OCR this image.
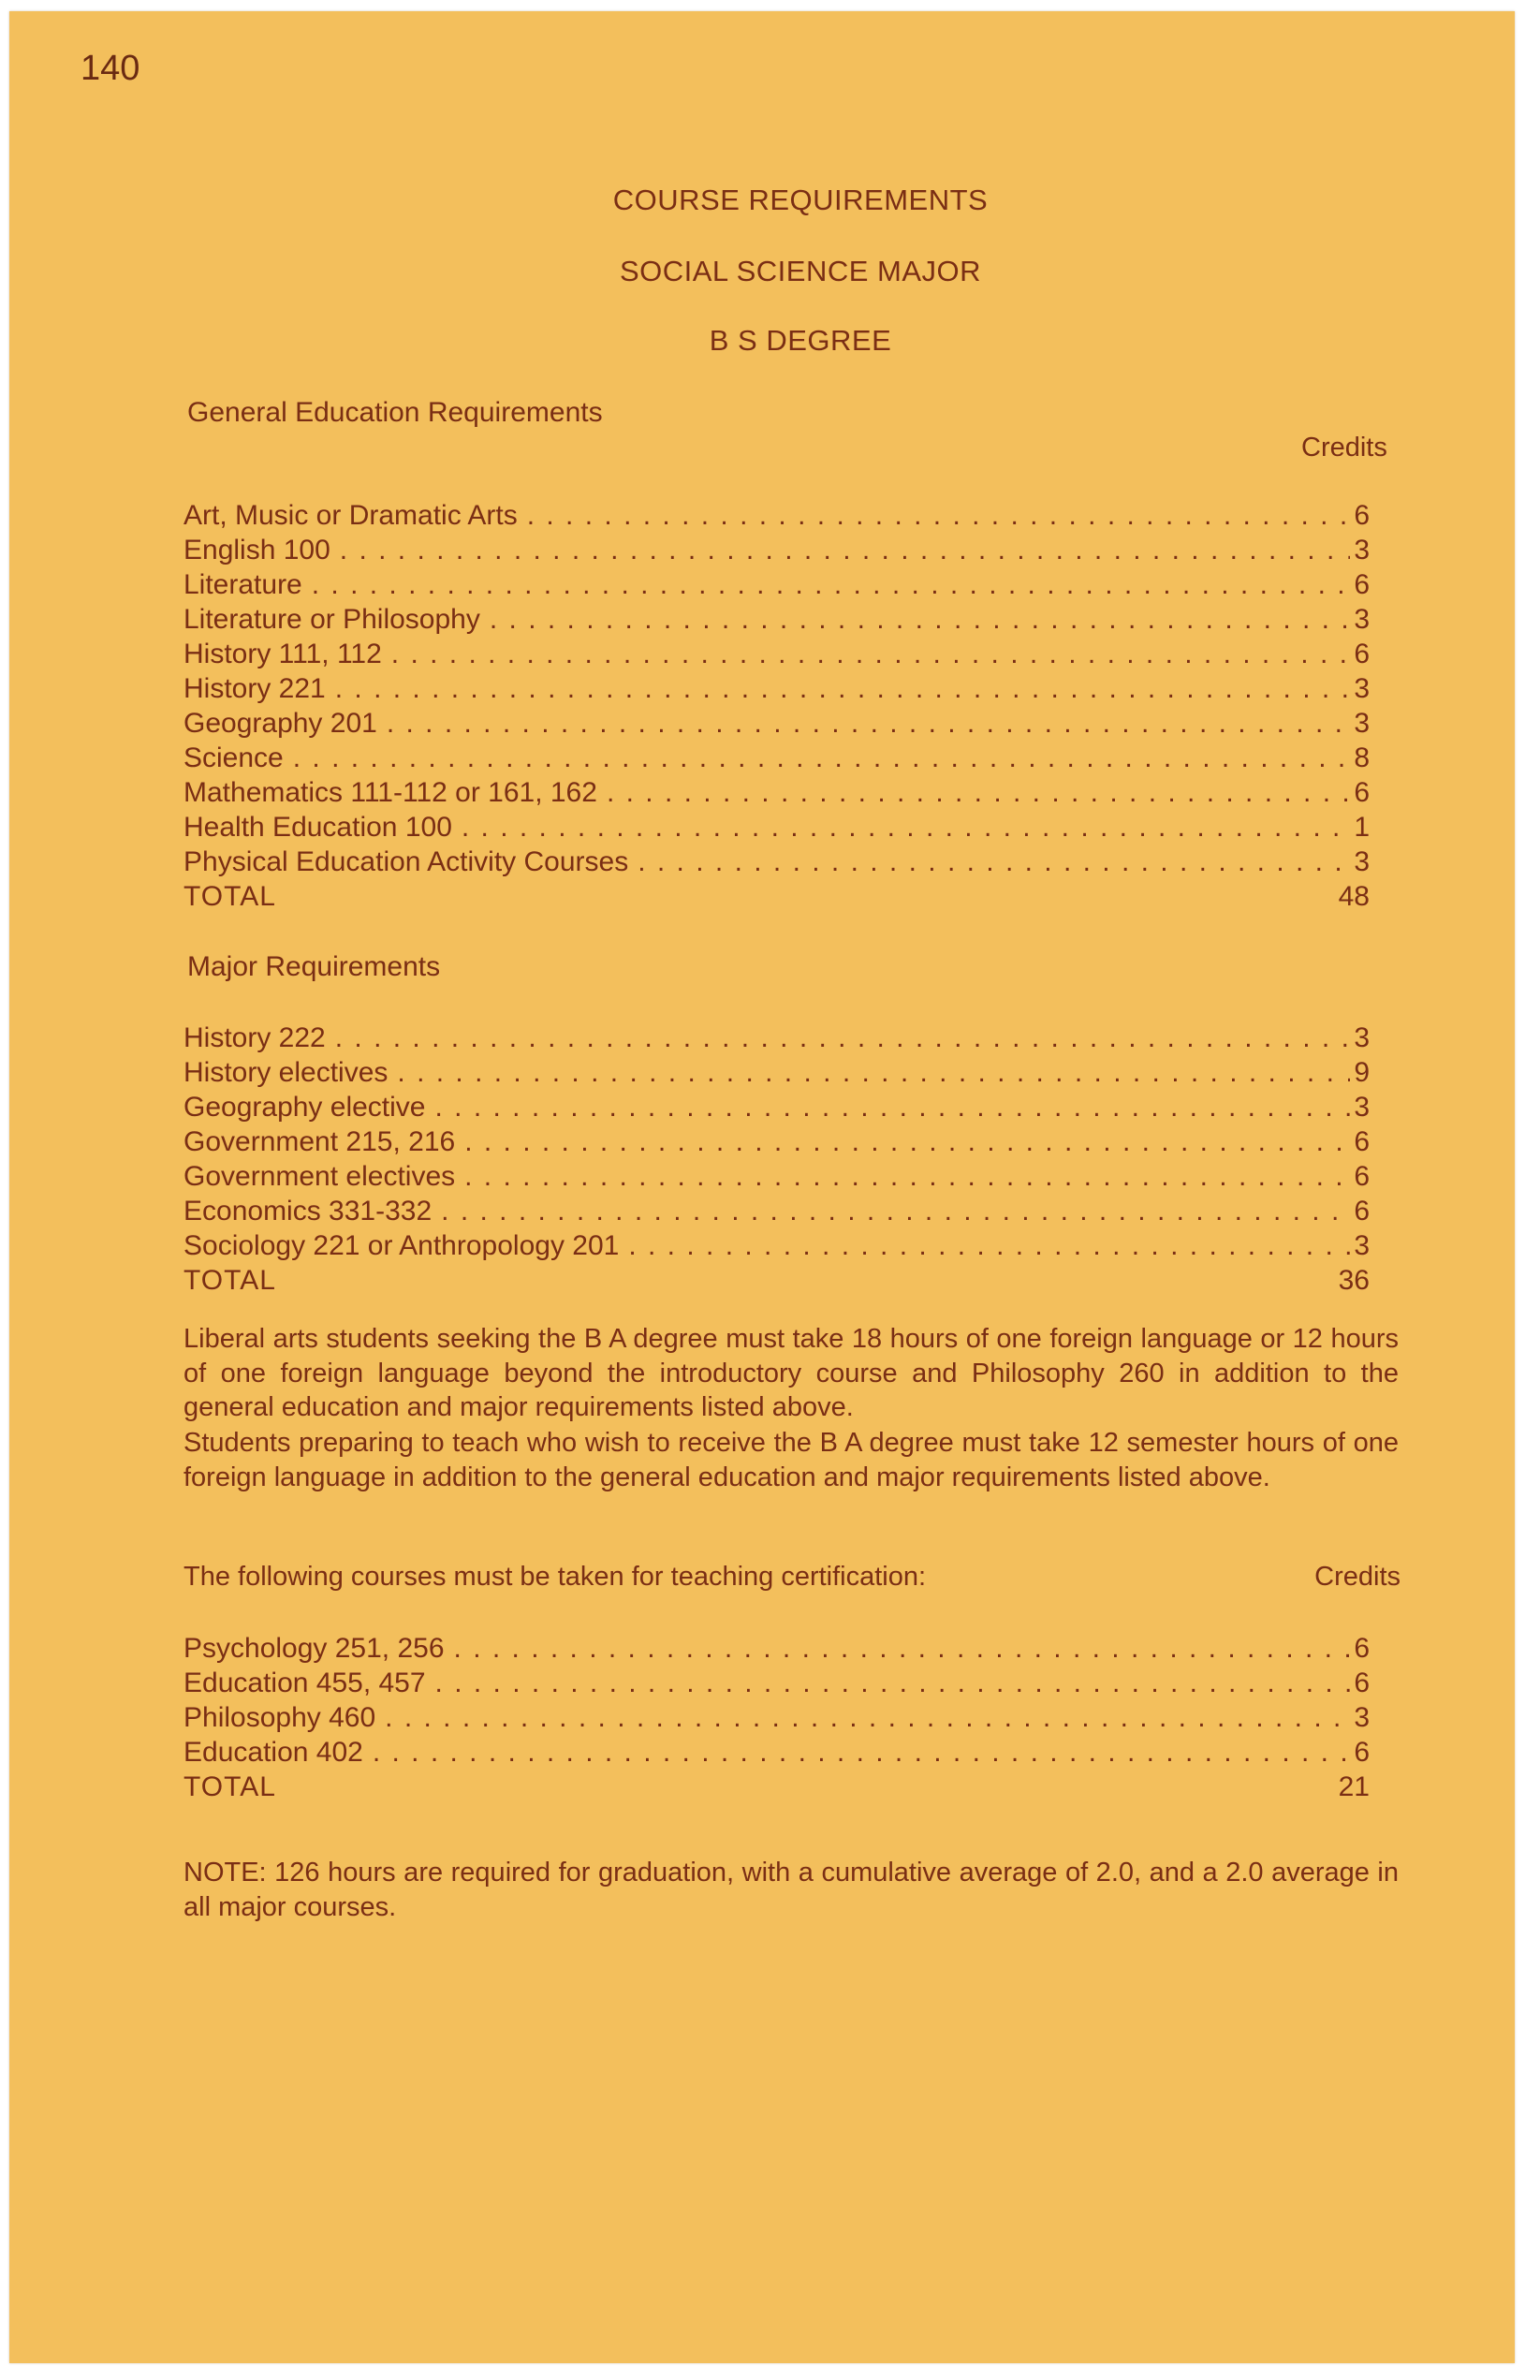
140
COURSE REQUIREMENTS
SOCIAL SCIENCE MAJOR
B S DEGREE
General Education Requirements
Credits
Art, Music or Dramatic Arts . . .	6
English 100 . . .	3
Literature . . .	6
Literature or Philosophy . . .	3
History 111, 112 . . .	6
History 221 . . .	3
Geography 201 . . .	3
Science . . .	8
Mathematics 111-112 or 161, 162 . . .	6
Health Education 100 . . .	1
Physical Education Activity Courses . . .	3
TOTAL	48
Major Requirements
History 222 . . .	3
History electives . . .	9
Geography elective . . .	3
Government 215, 216 . . .	6
Government electives . . .	6
Economics 331-332 . . .	6
Sociology 221 or Anthropology 201 . . .	3
TOTAL	36

Liberal arts students seeking the B A degree must take 18 hours of one foreign language or 12 hours of one foreign language beyond the introductory course and Philosophy 260 in addition to the general education and major requirements listed above.

Students preparing to teach who wish to receive the B A degree must take 12 semester hours of one foreign language in addition to the general education and major requirements listed above.

The following courses must be taken for teaching certification:	Credits
Psychology 251, 256 . . .	6
Education 455, 457 . . .	6
Philosophy 460 . . .	3
Education 402 . . .	6
TOTAL	21

NOTE: 126 hours are required for graduation, with a cumulative average of 2.0, and a 2.0 average in all major courses.
